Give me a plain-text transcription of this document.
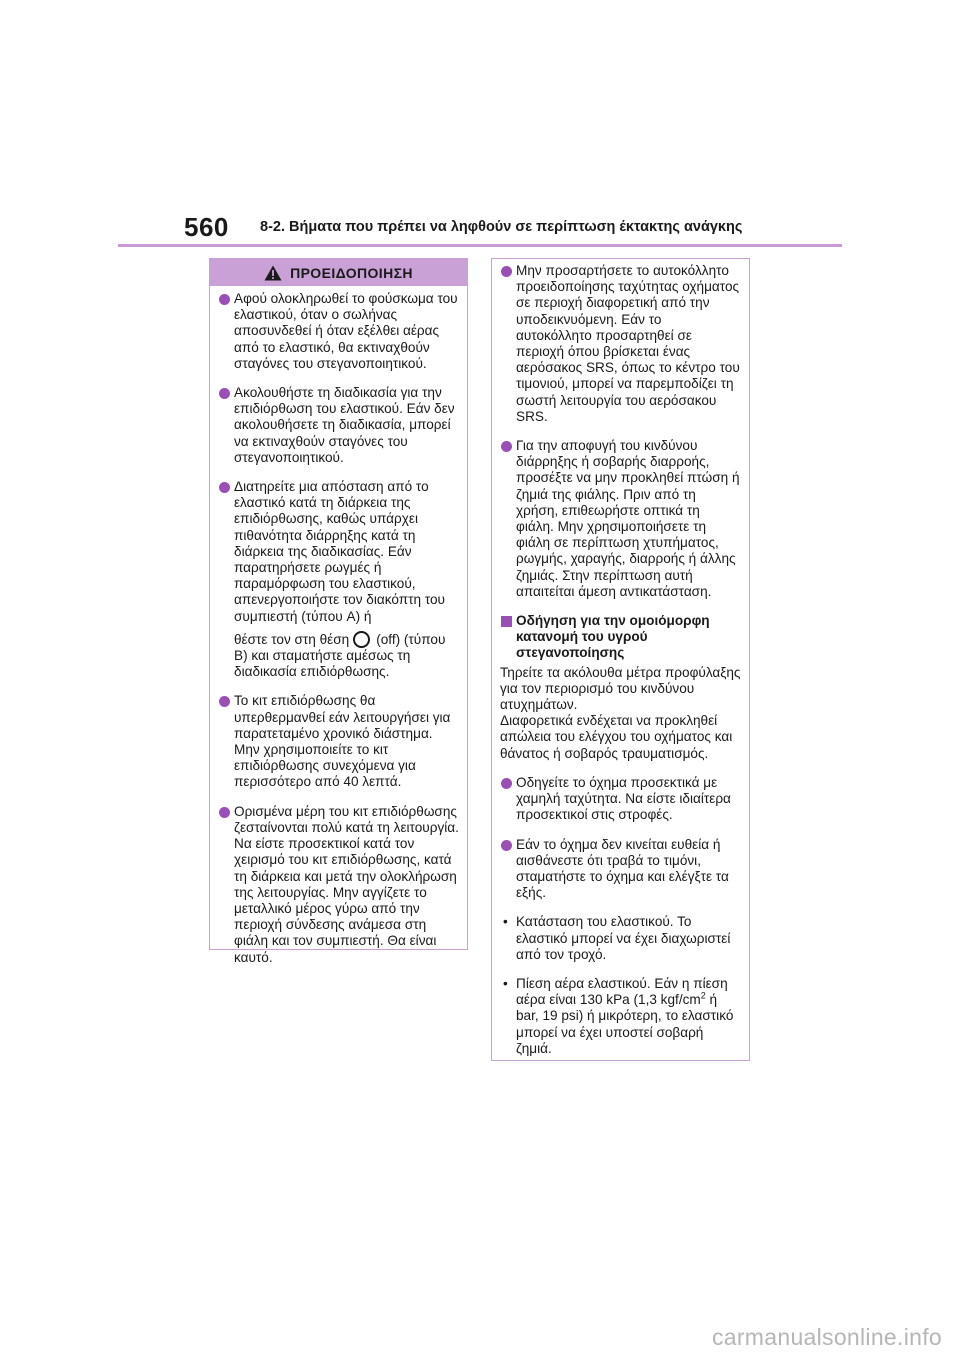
560 8-2. Βήματα που πρέπει να ληφθούν σε περίπτωση έκτακτης ανάγκης
ΠΡΟΕΙΔΟΠΟΙΗΣΗ

Αφού ολοκληρωθεί το φούσκωμα του ελαστικού, όταν ο σωλήνας αποσυνδεθεί ή όταν εξέλθει αέρας από το ελαστικό, θα εκτιναχθούν σταγόνες του στεγανοποιητικού.

Ακολουθήστε τη διαδικασία για την επιδιόρθωση του ελαστικού. Εάν δεν ακολουθήσετε τη διαδικασία, μπορεί να εκτιναχθούν σταγόνες του στεγανοποιητικού.

Διατηρείτε μια απόσταση από το ελαστικό κατά τη διάρκεια της επιδιόρθωσης, καθώς υπάρχει πιθανότητα διάρρηξης κατά τη διάρκεια της διαδικασίας. Εάν παρατηρήσετε ρωγμές ή παραμόρφωση του ελαστικού, απενεργοποιήστε τον διακόπτη του συμπιεστή (τύπου A) ή

θέστε τον στη θέση (off) (τύπου B) και σταματήστε αμέσως τη διαδικασία επιδιόρθωσης.

Το κιτ επιδιόρθωσης θα υπερθερμανθεί εάν λειτουργήσει για παρατεταμένο χρονικό διάστημα. Μην χρησιμοποιείτε το κιτ επιδιόρθωσης συνεχόμενα για περισσότερο από 40 λεπτά.

Ορισμένα μέρη του κιτ επιδιόρθωσης ζεσταίνονται πολύ κατά τη λειτουργία. Να είστε προσεκτικοί κατά τον χειρισμό του κιτ επιδιόρθωσης, κατά τη διάρκεια και μετά την ολοκλήρωση της λειτουργίας. Μην αγγίζετε το μεταλλικό μέρος γύρω από την περιοχή σύνδεσης ανάμεσα στη φιάλη και τον συμπιεστή. Θα είναι καυτό.

Μην προσαρτήσετε το αυτοκόλλητο προειδοποίησης ταχύτητας οχήματος σε περιοχή διαφορετική από την υποδεικνυόμενη. Εάν το αυτοκόλλητο προσαρτηθεί σε περιοχή όπου βρίσκεται ένας αερόσακος SRS, όπως το κέντρο του τιμονιού, μπορεί να παρεμποδίζει τη σωστή λειτουργία του αερόσακου SRS.

Για την αποφυγή του κινδύνου διάρρηξης ή σοβαρής διαρροής, προσέξτε να μην προκληθεί πτώση ή ζημιά της φιάλης. Πριν από τη χρήση, επιθεωρήστε οπτικά τη φιάλη. Μην χρησιμοποιήσετε τη φιάλη σε περίπτωση χτυπήματος, ρωγμής, χαραγής, διαρροής ή άλλης ζημιάς. Στην περίπτωση αυτή απαιτείται άμεση αντικατάσταση.

Οδήγηση για την ομοιόμορφη κατανομή του υγρού στεγανοποίησης

Τηρείτε τα ακόλουθα μέτρα προφύλαξης για τον περιορισμό του κινδύνου ατυχημάτων.

Διαφορετικά ενδέχεται να προκληθεί απώλεια του ελέγχου του οχήματος και θάνατος ή σοβαρός τραυματισμός.

Οδηγείτε το όχημα προσεκτικά με χαμηλή ταχύτητα. Να είστε ιδιαίτερα προσεκτικοί στις στροφές.

Εάν το όχημα δεν κινείται ευθεία ή αισθάνεστε ότι τραβά το τιμόνι, σταματήστε το όχημα και ελέγξτε τα εξής.

• Κατάσταση του ελαστικού. Το ελαστικό μπορεί να έχει διαχωριστεί από τον τροχό.

• Πίεση αέρα ελαστικού. Εάν η πίεση αέρα είναι 130 kPa (1,3 kgf/$cm^2$ ή bar, 19 psi) ή μικρότερη, το ελαστικό μπορεί να έχει υποστεί σοβαρή ζημιά.

carmanualsonline.info
